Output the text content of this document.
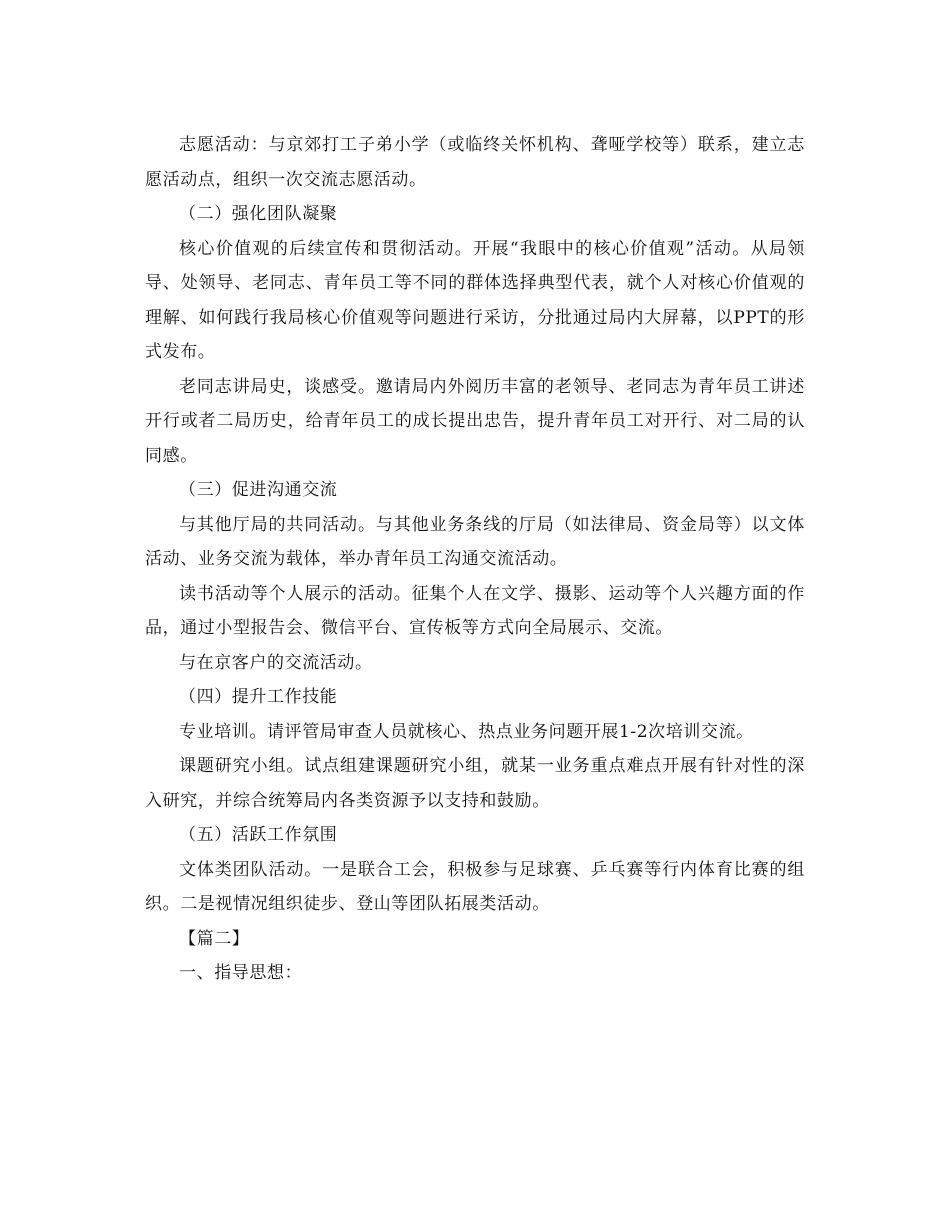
志愿活动：与京郊打工子弟小学（或临终关怀机构、聋哑学校等）联系，建立志愿活动点，组织一次交流志愿活动。

（二）强化团队凝聚

核心价值观的后续宣传和贯彻活动。开展“我眼中的核心价值观”活动。从局领导、处领导、老同志、青年员工等不同的群体选择典型代表，就个人对核心价值观的理解、如何践行我局核心价值观等问题进行采访，分批通过局内大屏幕，以PPT的形式发布。

老同志讲局史，谈感受。邀请局内外阅历丰富的老领导、老同志为青年员工讲述开行或者二局历史，给青年员工的成长提出忠告，提升青年员工对开行、对二局的认同感。

（三）促进沟通交流

与其他厅局的共同活动。与其他业务条线的厅局（如法律局、资金局等）以文体活动、业务交流为载体，举办青年员工沟通交流活动。

读书活动等个人展示的活动。征集个人在文学、摄影、运动等个人兴趣方面的作品，通过小型报告会、微信平台、宣传板等方式向全局展示、交流。

与在京客户的交流活动。

（四）提升工作技能

专业培训。请评管局审查人员就核心、热点业务问题开展1-2次培训交流。

课题研究小组。试点组建课题研究小组，就某一业务重点难点开展有针对性的深入研究，并综合统筹局内各类资源予以支持和鼓励。

（五）活跃工作氛围

文体类团队活动。一是联合工会，积极参与足球赛、乒乓赛等行内体育比赛的组织。二是视情况组织徒步、登山等团队拓展类活动。

【篇二】

一、指导思想：
